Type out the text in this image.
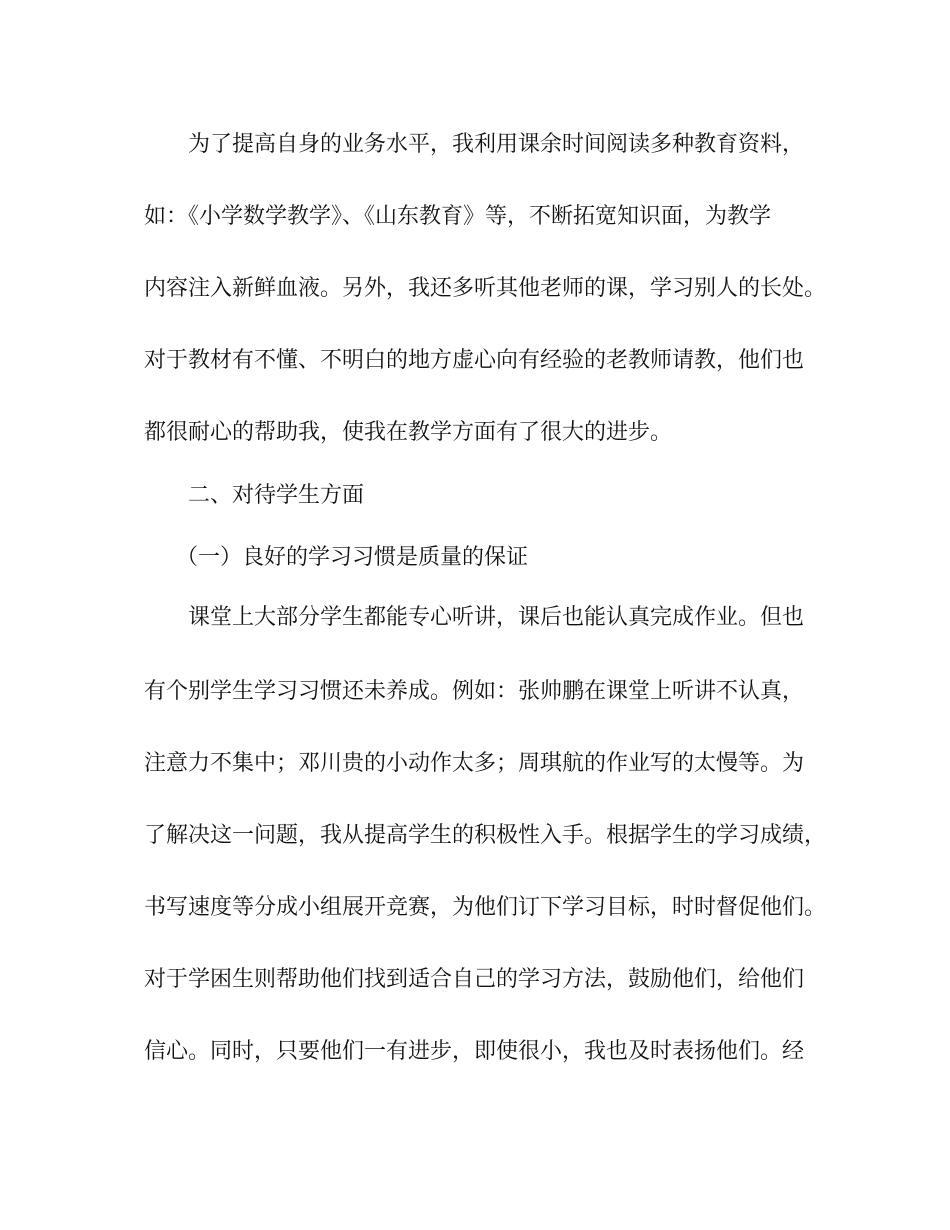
为了提高自身的业务水平，我利用课余时间阅读多种教育资料，
如：《小学数学教学》、《山东教育》等，不断拓宽知识面，为教学
内容注入新鲜血液。另外，我还多听其他老师的课，学习别人的长处。
对于教材有不懂、不明白的地方虚心向有经验的老教师请教，他们也
都很耐心的帮助我，使我在教学方面有了很大的进步。
二、对待学生方面
（一）良好的学习习惯是质量的保证
课堂上大部分学生都能专心听讲，课后也能认真完成作业。但也
有个别学生学习习惯还未养成。例如：张帅鹏在课堂上听讲不认真，
注意力不集中；邓川贵的小动作太多；周琪航的作业写的太慢等。为
了解决这一问题，我从提高学生的积极性入手。根据学生的学习成绩，
书写速度等分成小组展开竞赛，为他们订下学习目标，时时督促他们。
对于学困生则帮助他们找到适合自己的学习方法，鼓励他们，给他们
信心。同时，只要他们一有进步，即使很小，我也及时表扬他们。经
